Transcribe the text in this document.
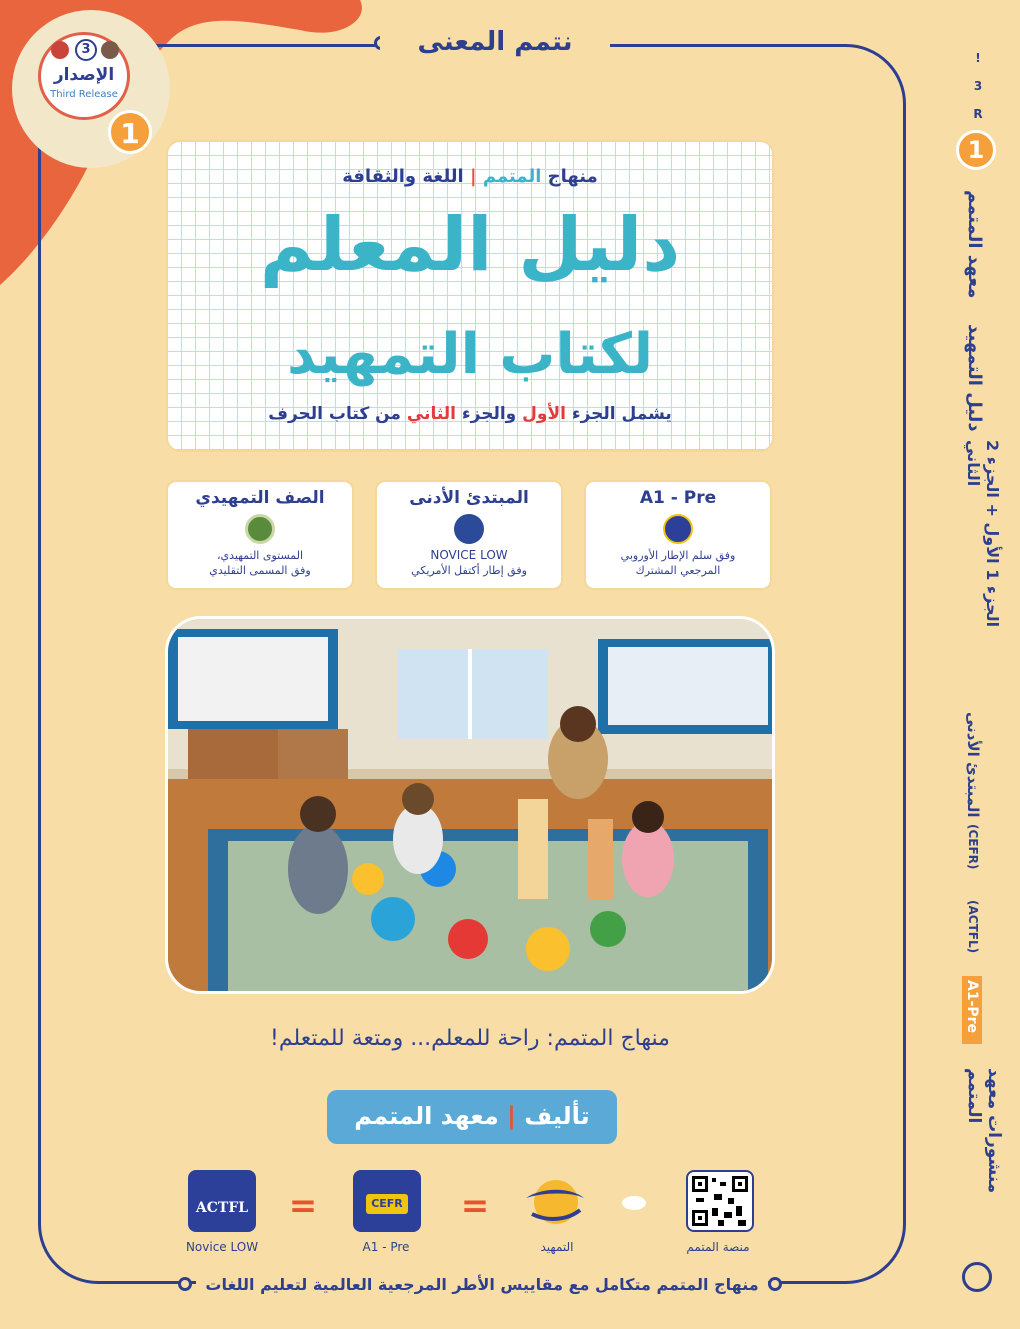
نتمم المعنى
3
الإصدار
Third Release
1
منهاج المتمم | اللغة والثقافة
دليل المعلم
لكتاب التمهيد
يشمل الجزء الأول والجزء الثاني من كتاب الحرف
A1 - Pre
وفق سلم الإطار الأوروبي
المرجعي المشترك
المبتدئ الأدنى
NOVICE LOW
وفق إطار أكتفل الأمريكي
الصف التمهيدي
المستوى التمهيدي،
وفق المسمى التقليدي
منهاج المتمم: راحة للمعلم... ومتعة للمتعلم!
تأليف | معهد المتمم
ACTFL
Novice LOW
=	CEFR
A1 - Pre
=
التمهيد	منصة المتمم
منهاج المتمم متكامل مع مقاييس الأطر المرجعية العالمية لتعليم اللغات
!
3
R
1
معهد المتمم
دليل التمهيد
الجزء 1 الأول + الجزء 2 الثاني
المبتدئ الأدنى
(CEFR)
(ACTFL)
A1-Pre
منشورات معهد المتمم
